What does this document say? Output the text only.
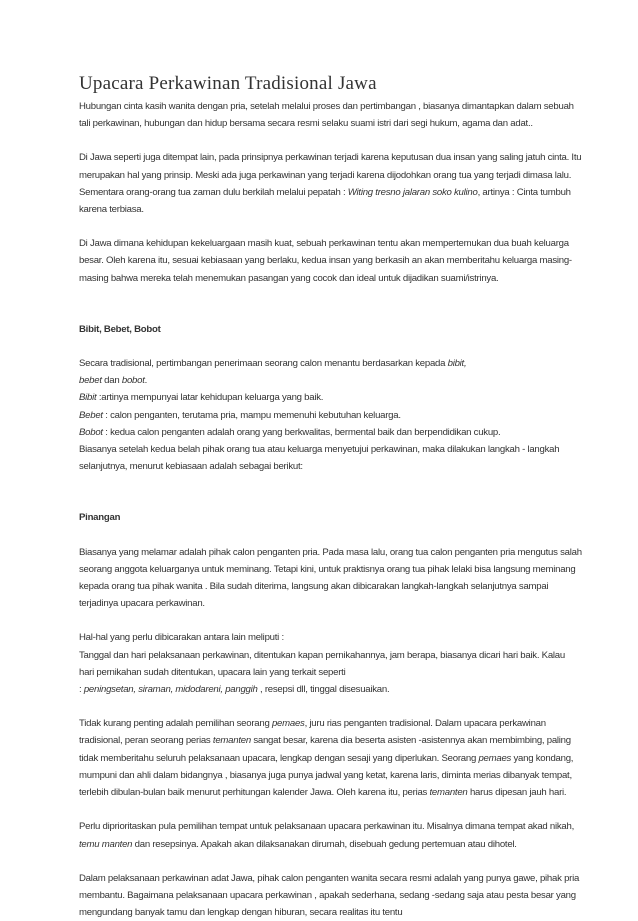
Upacara Perkawinan Tradisional Jawa

Hubungan cinta kasih wanita dengan pria, setelah melalui proses dan pertimbangan , biasanya dimantapkan dalam sebuah tali perkawinan, hubungan dan hidup bersama secara resmi selaku suami istri dari segi hukum, agama dan adat..

Di Jawa seperti juga ditempat lain, pada prinsipnya perkawinan terjadi karena keputusan dua insan yang saling jatuh cinta. Itu merupakan hal yang prinsip. Meski ada juga perkawinan yang terjadi karena dijodohkan orang tua yang terjadi dimasa lalu. Sementara orang-orang tua zaman dulu berkilah melalui pepatah : Witing tresno jalaran soko kulino, artinya : Cinta tumbuh karena terbiasa.

Di Jawa dimana kehidupan kekeluargaan masih kuat, sebuah perkawinan tentu akan mempertemukan dua buah keluarga besar. Oleh karena itu, sesuai kebiasaan yang berlaku, kedua insan yang berkasih an akan memberitahu keluarga masing-masing bahwa mereka telah menemukan pasangan yang cocok dan ideal untuk dijadikan suami/istrinya.

Bibit, Bebet, Bobot

Secara tradisional, pertimbangan penerimaan seorang calon menantu berdasarkan kepada bibit,
bebet dan bobot.
Bibit :artinya mempunyai latar kehidupan keluarga yang baik.
Bebet : calon penganten, terutama pria, mampu memenuhi kebutuhan keluarga.
Bobot : kedua calon penganten adalah orang yang berkwalitas, bermental baik dan berpendidikan cukup.
Biasanya setelah kedua belah pihak orang tua atau keluarga menyetujui perkawinan, maka dilakukan langkah - langkah selanjutnya, menurut kebiasaan adalah sebagai berikut:

Pinangan

Biasanya yang melamar adalah pihak calon penganten pria. Pada masa lalu, orang tua calon penganten pria mengutus salah seorang anggota keluarganya untuk meminang. Tetapi kini, untuk praktisnya orang tua pihak lelaki bisa langsung meminang kepada orang tua pihak wanita . Bila sudah diterima, langsung akan dibicarakan langkah-langkah selanjutnya sampai terjadinya upacara perkawinan.

Hal-hal yang perlu dibicarakan antara lain meliputi :
Tanggal dan hari pelaksanaan perkawinan, ditentukan kapan pernikahannya, jam berapa, biasanya dicari hari baik. Kalau hari pernikahan sudah ditentukan, upacara lain yang terkait seperti
: peningsetan, siraman, midodareni, panggih , resepsi dll, tinggal disesuaikan.

Tidak kurang penting adalah pemilihan seorang pemaes, juru rias penganten tradisional. Dalam upacara perkawinan tradisional, peran seorang perias temanten sangat besar, karena dia beserta asisten -asistennya akan membimbing, paling tidak memberitahu seluruh pelaksanaan upacara, lengkap dengan sesaji yang diperlukan. Seorang pemaes yang kondang, mumpuni dan ahli dalam bidangnya , biasanya juga punya jadwal yang ketat, karena laris, diminta merias dibanyak tempat, terlebih dibulan-bulan baik menurut perhitungan kalender Jawa. Oleh karena itu, perias temanten harus dipesan jauh hari.

Perlu diprioritaskan pula pemilihan tempat untuk pelaksanaan upacara perkawinan itu. Misalnya dimana tempat akad nikah, temu manten dan resepsinya. Apakah akan dilaksanakan dirumah, disebuah gedung pertemuan atau dihotel.

Dalam pelaksanaan perkawinan adat Jawa, pihak calon penganten wanita secara resmi adalah yang punya gawe, pihak pria membantu. Bagaimana pelaksanaan upacara perkawinan , apakah sederhana, sedang -sedang saja atau pesta besar yang mengundang banyak tamu dan lengkap dengan hiburan, secara realitas itu tentu
